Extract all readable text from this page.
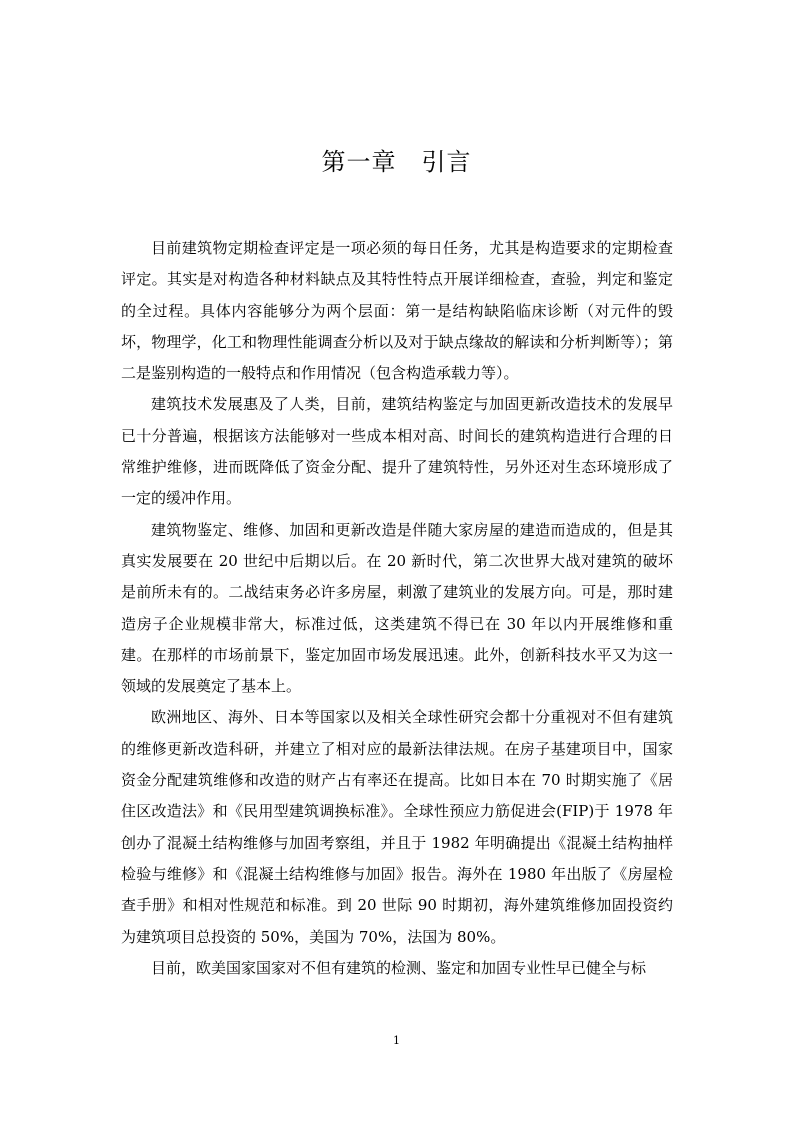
第一章　引言

目前建筑物定期检查评定是一项必须的每日任务，尤其是构造要求的定期检查评定。其实是对构造各种材料缺点及其特性特点开展详细检查，查验，判定和鉴定的全过程。具体内容能够分为两个层面：第一是结构缺陷临床诊断（对元件的毁坏，物理学，化工和物理性能调查分析以及对于缺点缘故的解读和分析判断等）；第二是鉴别构造的一般特点和作用情况（包含构造承载力等）。

建筑技术发展惠及了人类，目前，建筑结构鉴定与加固更新改造技术的发展早已十分普遍，根据该方法能够对一些成本相对高、时间长的建筑构造进行合理的日常维护维修，进而既降低了资金分配、提升了建筑特性，另外还对生态环境形成了一定的缓冲作用。

建筑物鉴定、维修、加固和更新改造是伴随大家房屋的建造而造成的，但是其真实发展要在 20 世纪中后期以后。在 20 新时代，第二次世界大战对建筑的破坏是前所未有的。二战结束务必许多房屋，刺激了建筑业的发展方向。可是，那时建造房子企业规模非常大，标准过低，这类建筑不得已在 30 年以内开展维修和重建。在那样的市场前景下，鉴定加固市场发展迅速。此外，创新科技水平又为这一领域的发展奠定了基本上。

欧洲地区、海外、日本等国家以及相关全球性研究会都十分重视对不但有建筑的维修更新改造科研，并建立了相对应的最新法律法规。在房子基建项目中，国家资金分配建筑维修和改造的财产占有率还在提高。比如日本在 70 时期实施了《居住区改造法》和《民用型建筑调换标准》。全球性预应力筋促进会(FIP)于 1978 年创办了混凝土结构维修与加固考察组，并且于 1982 年明确提出《混凝土结构抽样检验与维修》和《混凝土结构维修与加固》报告。海外在 1980 年出版了《房屋检查手册》和相对性规范和标准。到 20 世际 90 时期初，海外建筑维修加固投资约为建筑项目总投资的 50%，美国为 70%，法国为 80%。

目前，欧美国家国家对不但有建筑的检测、鉴定和加固专业性早已健全与标

1
